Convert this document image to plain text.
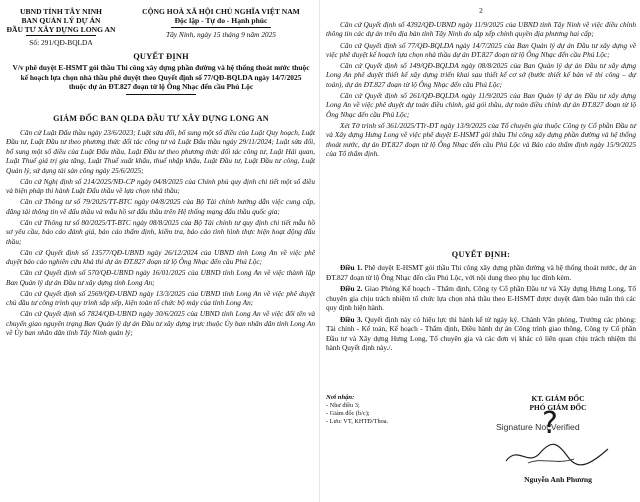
UBND TỈNH TÂY NINH
BAN QUẢN LÝ DỰ ÁN
ĐẦU TƯ XÂY DỰNG LONG AN
Số: 291/QĐ-BQLDA
CỘNG HOÀ XÃ HỘI CHỦ NGHĨA VIỆT NAM
Độc lập - Tự do - Hạnh phúc
Tây Ninh, ngày 15 tháng 9 năm 2025
QUYẾT ĐỊNH
V/v phê duyệt E-HSMT gói thầu Thi công xây dựng phần đường và hệ thống thoát nước thuộc kế hoạch lựa chọn nhà thầu phê duyệt theo Quyết định số 77/QĐ-BQLDA ngày 14/7/2025 thuộc dự án ĐT.827 đoạn từ lộ Ông Nhạc đến cầu Phú Lộc
GIÁM ĐỐC BAN QLDA ĐẦU TƯ XÂY DỰNG LONG AN

Căn cứ Luật Đấu thầu ngày 23/6/2023; Luật sửa đổi, bổ sung một số điều của Luật Quy hoạch, Luật Đầu tư, Luật Đầu tư theo phương thức đối tác công tư và Luật Đấu thầu ngày 29/11/2024; Luật sửa đổi, bổ sung một số điều của Luật Đấu thầu, Luật Đầu tư theo phương thức đối tác công tư, Luật Hải quan, Luật Thuế giá trị gia tăng, Luật Thuế xuất khẩu, thuế nhập khẩu, Luật Đầu tư, Luật Đầu tư công, Luật Quản lý, sử dụng tài sản công ngày 25/6/2025;

Căn cứ Nghị định số 214/2025/NĐ-CP ngày 04/8/2025 của Chính phủ quy định chi tiết một số điều và biện pháp thi hành Luật Đấu thầu về lựa chọn nhà thầu;

Căn cứ Thông tư số 79/2025/TT-BTC ngày 04/8/2025 của Bộ Tài chính hướng dẫn việc cung cấp, đăng tải thông tin về đấu thầu và mẫu hồ sơ đấu thầu trên Hệ thống mạng đấu thầu quốc gia;

Căn cứ Thông tư số 80/2025/TT-BTC ngày 08/8/2025 của Bộ Tài chính tư quy định chi tiết mẫu hồ sơ yêu cầu, báo cáo đánh giá, báo cáo thẩm định, kiểm tra, báo cáo tình hình thực hiện hoạt động đấu thầu;

Căn cứ Quyết định số 13577/QĐ-UBND ngày 26/12/2024 của UBND tỉnh Long An về việc phê duyệt báo cáo nghiên cứu khả thi dự án ĐT.827 đoạn từ lộ Ông Nhạc đến cầu Phú Lộc;

Căn cứ Quyết định số 570/QĐ-UBND ngày 16/01/2025 của UBND tỉnh Long An về việc thành lập Ban Quản lý dự án Đầu tư xây dựng tỉnh Long An;

Căn cứ Quyết định số 2569/QĐ-UBND ngày 13/3/2025 của UBND tỉnh Long An về việc phê duyệt chủ đầu tư công trình quy trình sắp xếp, kiện toàn tổ chức bộ máy của tỉnh Long An;

Căn cứ Quyết định số 7824/QĐ-UBND ngày 30/6/2025 của UBND tỉnh Long An về việc đổi tên và chuyển giao nguyên trạng Ban Quản lý dự án Đầu tư xây dựng trực thuộc Ủy ban nhân dân tỉnh Long An về Ủy ban nhân dân tỉnh Tây Ninh quản lý;

2

Căn cứ Quyết định số 4392/QĐ-UBND ngày 11/9/2025 của UBND tỉnh Tây Ninh về việc điều chỉnh thông tin các dự án trên địa bàn tỉnh Tây Ninh do sắp xếp chính quyền địa phương hai cấp;

Căn cứ Quyết định số 77/QĐ-BQLDA ngày 14/7/2025 của Ban Quản lý dự án Đầu tư xây dựng về việc phê duyệt kế hoạch lựa chọn nhà thầu dự án ĐT.827 đoạn từ lộ Ông Nhạc đến cầu Phú Lộc;

Căn cứ Quyết định số 149/QĐ-BQLDA ngày 08/8/2025 của Ban Quản lý dự án Đầu tư xây dựng Long An phê duyệt thiết kế xây dựng triển khai sau thiết kế cơ sở (bước thiết kế bản vẽ thi công – dự toán), dự án ĐT.827 đoạn từ lộ Ông Nhạc đến cầu Phú Lộc;

Căn cứ Quyết định số 261/QĐ-BQLDA ngày 11/9/2025 của Ban Quản lý dự án Đầu tư xây dựng Long An về việc phê duyệt dự toán điều chỉnh, giá gói thầu, dự toán điều chỉnh dự án ĐT.827 đoạn từ lộ Ông Nhạc đến cầu Phú Lộc;

Xét Tờ trình số 361/2025/TTr-ĐT ngày 13/9/2025 của Tổ chuyên gia thuộc Công ty Cổ phần Đầu tư và Xây dựng Hưng Long về việc phê duyệt E-HSMT gói thầu Thi công xây dựng phần đường và hệ thống thoát nước, dự án ĐT.827 đoạn từ lộ Ông Nhạc đến cầu Phú Lộc và Báo cáo thẩm định ngày 15/9/2025 của Tổ thẩm định.

QUYẾT ĐỊNH:

Điều 1. Phê duyệt E-HSMT gói thầu Thi công xây dựng phần đường và hệ thống thoát nước, dự án ĐT.827 đoạn từ lộ Ông Nhạc đến cầu Phú Lộc, với nội dung theo phụ lục đính kèm.

Điều 2. Giao Phòng Kế hoạch - Thẩm định, Công ty Cổ phần Đầu tư và Xây dựng Hưng Long, Tổ chuyên gia chịu trách nhiệm tổ chức lựa chọn nhà thầu theo E-HSMT được duyệt đảm bảo tuân thủ các quy định hiện hành.

Điều 3. Quyết định này có hiệu lực thi hành kể từ ngày ký. Chánh Văn phòng, Trưởng các phòng: Tài chính - Kế toán, Kế hoạch - Thẩm định, Điều hành dự án Công trình giao thông, Công ty Cổ phần Đầu tư và Xây dựng Hưng Long, Tổ chuyên gia và các đơn vị khác có liên quan chịu trách nhiệm thi hành Quyết định này./.

Nơi nhận:
- Như điều 3;
- Giám đốc (b/c);
- Lưu: VT, KHTĐ/Thoa.
KT. GIÁM ĐỐC
PHÓ GIÁM ĐỐC
Signature Not Verified
?
Nguyễn Anh Phương
